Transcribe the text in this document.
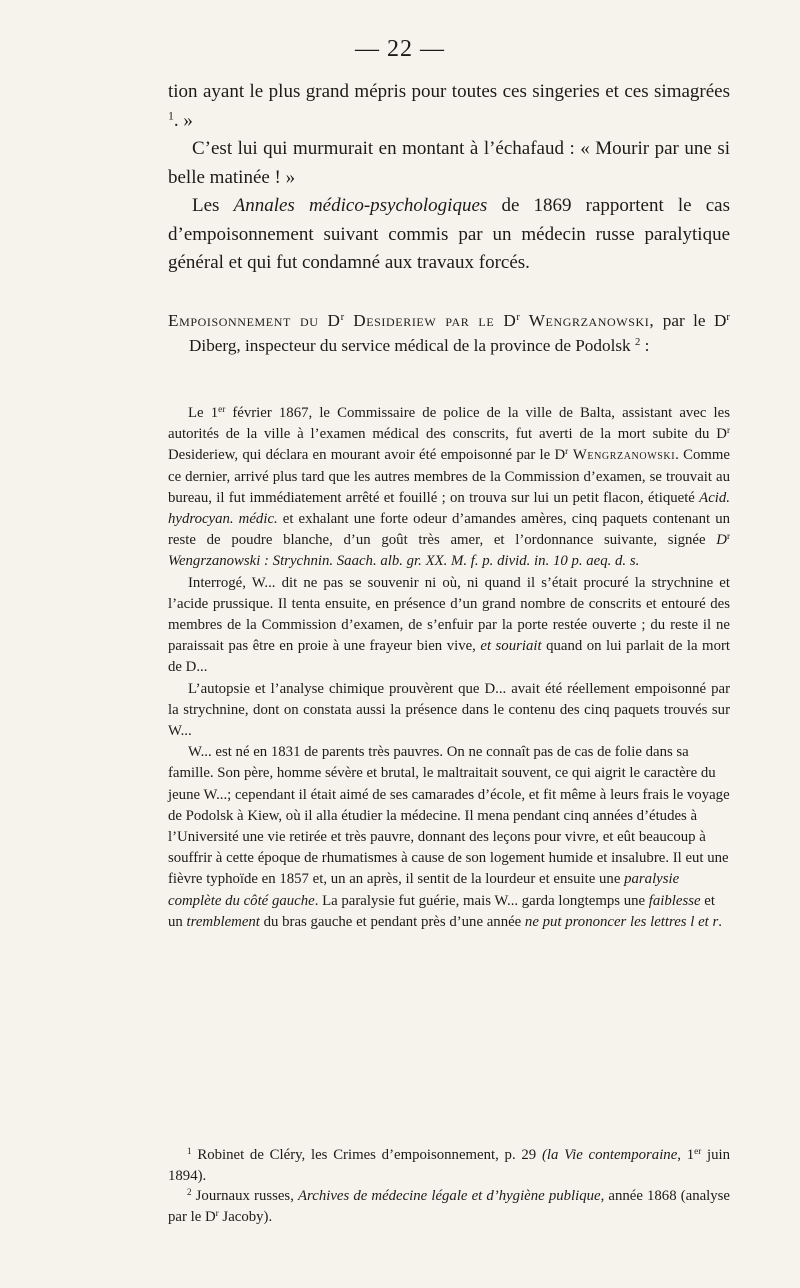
— 22 —

tion ayant le plus grand mépris pour toutes ces singeries et ces simagrées $^1$. »

C’est lui qui murmurait en montant à l’échafaud : « Mourir par une si belle matinée ! »

Les Annales médico-psychologiques de 1869 rapportent le cas d’empoisonnement suivant commis par un médecin russe paralytique général et qui fut condamné aux travaux forcés.

Empoisonnement du $D^r$ Desideriew par le $D^r$ Wengrzanowski, par le $D^r$ Diberg, inspecteur du service médical de la province de Podolsk $^2$ :

Le 1er février 1867, le Commissaire de police de la ville de Balta, assistant avec les autorités de la ville à l’examen médical des conscrits, fut averti de la mort subite du $D^r$ Desideriew, qui déclara en mourant avoir été empoisonné par le $D^r$ Wengrzanowski. Comme ce dernier, arrivé plus tard que les autres membres de la Commission d’examen, se trouvait au bureau, il fut immédiatement arrêté et fouillé ; on trouva sur lui un petit flacon, étiqueté Acid. hydrocyan. médic. et exhalant une forte odeur d’amandes amères, cinq paquets contenant un reste de poudre blanche, d’un goût très amer, et l’ordonnance suivante, signée $D^r$ Wengrzanowski : Strychnin. Saach. alb. gr. XX. M. f. p. divid. in. 10 p. aeq. d. s.

Interrogé, W... dit ne pas se souvenir ni où, ni quand il s’était procuré la strychnine et l’acide prussique. Il tenta ensuite, en présence d’un grand nombre de conscrits et entouré des membres de la Commission d’examen, de s’enfuir par la porte restée ouverte ; du reste il ne paraissait pas être en proie à une frayeur bien vive, et souriait quand on lui parlait de la mort de D...

L’autopsie et l’analyse chimique prouvèrent que D... avait été réellement empoisonné par la strychnine, dont on constata aussi la présence dans le contenu des cinq paquets trouvés sur W...

W... est né en 1831 de parents très pauvres. On ne connaît pas de cas de folie dans sa famille. Son père, homme sévère et brutal, le maltraitait souvent, ce qui aigrit le caractère du jeune W...; cependant il était aimé de ses camarades d’école, et fit même à leurs frais le voyage de Podolsk à Kiew, où il alla étudier la médecine. Il mena pendant cinq années d’études à l’Université une vie retirée et très pauvre, donnant des leçons pour vivre, et eût beaucoup à souffrir à cette époque de rhumatismes à cause de son logement humide et insalubre. Il eut une fièvre typhoïde en 1857 et, un an après, il sentit de la lourdeur et ensuite une paralysie complète du côté gauche. La paralysie fut guérie, mais W... garda longtemps une faiblesse et un tremblement du bras gauche et pendant près d’une année ne put prononcer les lettres l et r.

$^1$ Robinet de Cléry, les Crimes d’empoisonnement, p. 29 (la Vie contemporaine, 1er juin 1894).

$^2$ Journaux russes, Archives de médecine légale et d’hygiène publique, année 1868 (analyse par le $D^r$ Jacoby).
